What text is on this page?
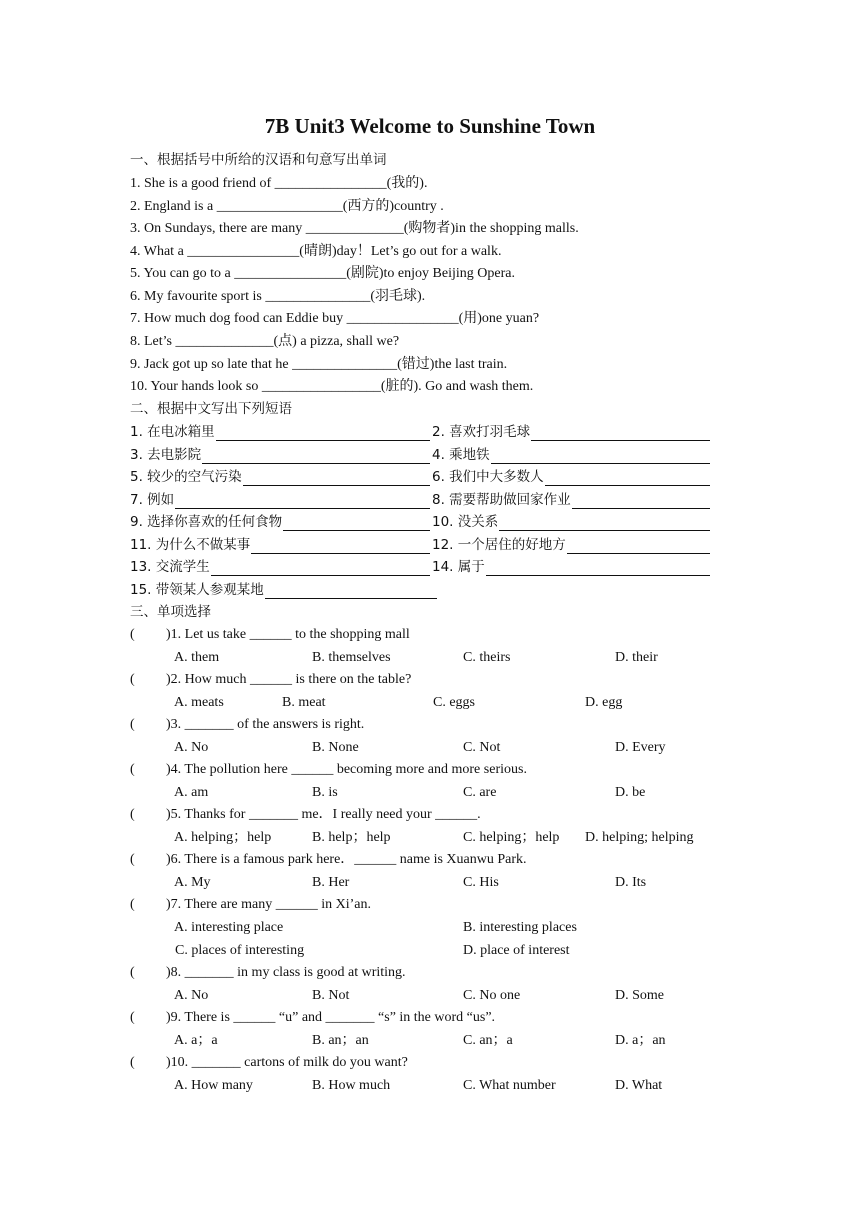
7B Unit3 Welcome to Sunshine Town
一、根据括号中所给的汉语和句意写出单词
1. She is a good friend of ________________(我的).
2. England is a __________________(西方的)country .
3. On Sundays, there are many ______________(购物者)in the shopping malls.
4. What a ________________(晴朗)day！Let’s go out for a walk.
5. You can go to a ________________(剧院)to enjoy Beijing Opera.
6. My favourite sport is _______________(羽毛球).
7. How much dog food can Eddie buy ________________(用)one yuan?
8. Let’s ______________(点) a pizza, shall we?
9. Jack got up so late that he _______________(错过)the last train.
10. Your hands look so _________________(脏的). Go and wash them.
二、根据中文写出下列短语
1. 在电冰箱里	2. 喜欢打羽毛球
3. 去电影院	4. 乘地铁
5. 较少的空气污染	6. 我们中大多数人
7. 例如	8. 需要帮助做回家作业
9. 选择你喜欢的任何食物	10. 没关系
11. 为什么不做某事	12. 一个居住的好地方
13. 交流学生	14. 属于
15. 带领某人参观某地
三、单项选择
( )1. Let us take ______ to the shopping mall
A. them	B. themselves	C. theirs	D. their
( )2. How much ______ is there on the table?
A. meats	B. meat	C. eggs	D. egg
( )3. _______ of the answers is right.
A. No	B. None	C. Not	D. Every
( )4. The pollution here ______ becoming more and more serious.
A. am	B. is	C. are	D. be
( )5. Thanks for _______ me．I really need your ______.
A. helping；help	B. help；help	C. helping；help D. helping; helping
( )6. There is a famous park here．______ name is Xuanwu Park.
A. My	B. Her	C. His	D. Its
( )7. There are many ______ in Xi’an.
A. interesting place	B. interesting places
C. places of interesting	D. place of interest
( )8. _______ in my class is good at writing.
A. No	B. Not	C. No one	D. Some
( )9. There is ______ “u” and _______ “s” in the word “us”.
A. a；a	B. an；an	C. an；a	D. a；an
( )10. _______ cartons of milk do you want?
A. How many	B. How much	C. What number	D. What
